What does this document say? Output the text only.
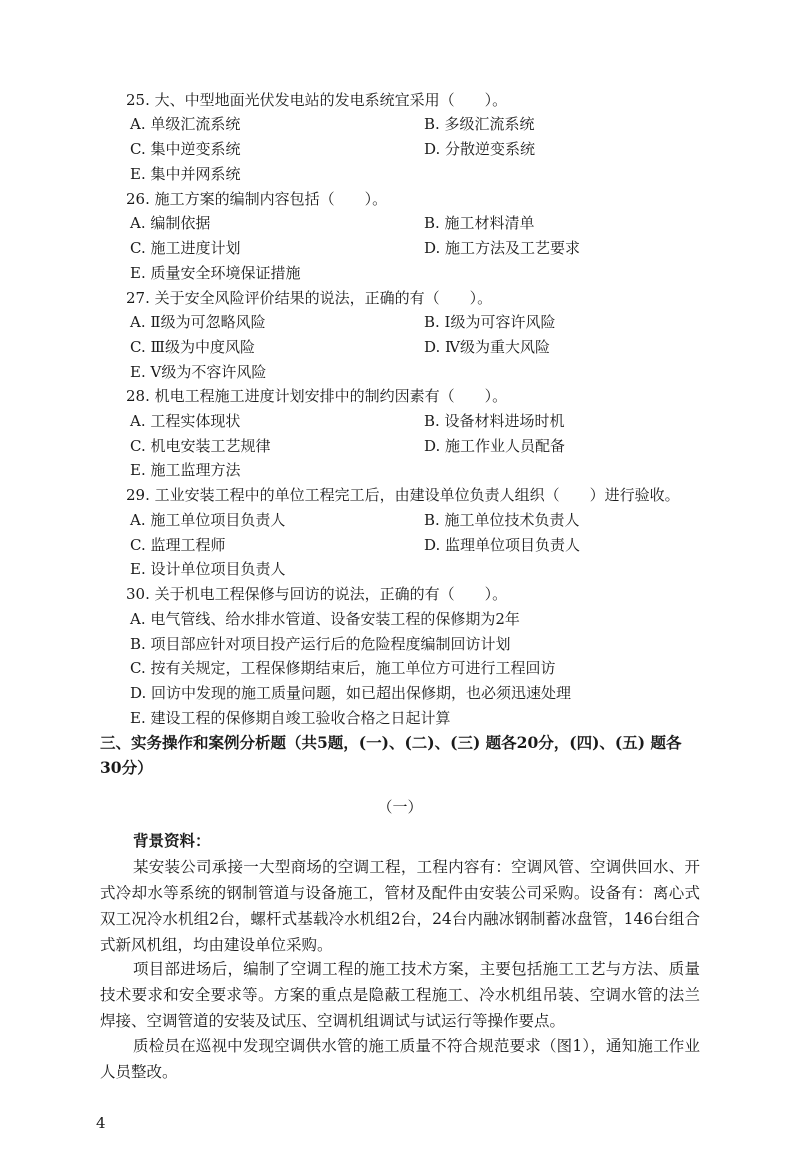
25. 大、中型地面光伏发电站的发电系统宜采用（　　）。
A. 单级汇流系统	B. 多级汇流系统
C. 集中逆变系统	D. 分散逆变系统
E. 集中并网系统
26. 施工方案的编制内容包括（　　）。
A. 编制依据	B. 施工材料清单
C. 施工进度计划	D. 施工方法及工艺要求
E. 质量安全环境保证措施
27. 关于安全风险评价结果的说法，正确的有（　　）。
A. Ⅱ级为可忽略风险	B. Ⅰ级为可容许风险
C. Ⅲ级为中度风险	D. Ⅳ级为重大风险
E. Ⅴ级为不容许风险
28. 机电工程施工进度计划安排中的制约因素有（　　）。
A. 工程实体现状	B. 设备材料进场时机
C. 机电安装工艺规律	D. 施工作业人员配备
E. 施工监理方法
29. 工业安装工程中的单位工程完工后，由建设单位负责人组织（　　）进行验收。
A. 施工单位项目负责人	B. 施工单位技术负责人
C. 监理工程师	D. 监理单位项目负责人
E. 设计单位项目负责人
30. 关于机电工程保修与回访的说法，正确的有（　　）。
A. 电气管线、给水排水管道、设备安装工程的保修期为2年
B. 项目部应针对项目投产运行后的危险程度编制回访计划
C. 按有关规定，工程保修期结束后，施工单位方可进行工程回访
D. 回访中发现的施工质量问题，如已超出保修期，也必须迅速处理
E. 建设工程的保修期自竣工验收合格之日起计算
三、实务操作和案例分析题（共5题，(一)、(二)、(三) 题各20分，(四)、(五) 题各
30分）
（一）
背景资料：
某安装公司承接一大型商场的空调工程，工程内容有：空调风管、空调供回水、开式冷却水等系统的钢制管道与设备施工，管材及配件由安装公司采购。设备有：离心式双工况冷水机组2台，螺杆式基载冷水机组2台，24台内融冰钢制蓄冰盘管，146台组合式新风机组，均由建设单位采购。
项目部进场后，编制了空调工程的施工技术方案，主要包括施工工艺与方法、质量技术要求和安全要求等。方案的重点是隐蔽工程施工、冷水机组吊装、空调水管的法兰焊接、空调管道的安装及试压、空调机组调试与试运行等操作要点。
质检员在巡视中发现空调供水管的施工质量不符合规范要求（图1），通知施工作业人员整改。
4
